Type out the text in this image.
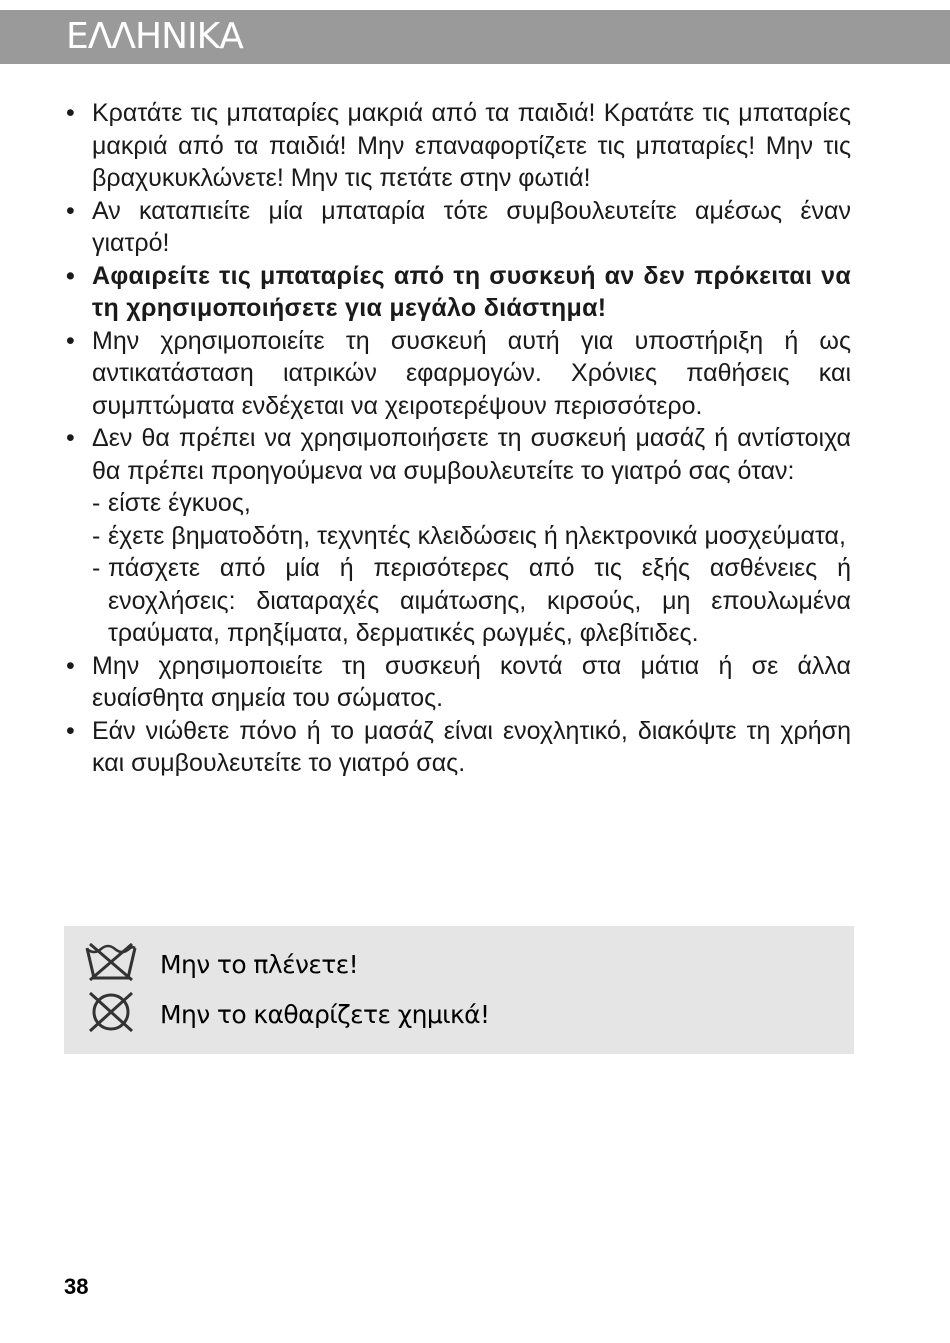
ΕΛΛΗΝΙΚΑ
• Κρατάτε τις μπαταρίες μακριά από τα παιδιά! Κρατάτε τις μπαταρίες μακριά από τα παιδιά! Μην επαναφορτίζετε τις μπαταρίες! Μην τις βραχυκυκλώνετε! Μην τις πετάτε στην φωτιά!
• Αν καταπιείτε μία μπαταρία τότε συμβουλευτείτε αμέσως έναν γιατρό!
• Αφαιρείτε τις μπαταρίες από τη συσκευή αν δεν πρόκειται να τη χρησιμοποιήσετε για μεγάλο διάστημα!
• Μην χρησιμοποιείτε τη συσκευή αυτή για υποστήριξη ή ως αντικατάσταση ιατρικών εφαρμογών. Χρόνιες παθήσεις και συμπτώματα ενδέχεται να χειροτερέψουν περισσότερο.
• Δεν θα πρέπει να χρησιμοποιήσετε τη συσκευή μασάζ ή αντίστοιχα θα πρέπει προηγούμενα να συμβουλευτείτε το γιατρό σας όταν:
- είστε έγκυος,
- έχετε βηματοδότη, τεχνητές κλειδώσεις ή ηλεκτρονικά μοσχεύματα,
- πάσχετε από μία ή περισότερες από τις εξής ασθένειες ή ενοχλήσεις: διαταραχές αιμάτωσης, κιρσούς, μη επουλωμένα τραύματα, πρηξίματα, δερματικές ρωγμές, φλεβίτιδες.
• Μην χρησιμοποιείτε τη συσκευή κοντά στα μάτια ή σε άλλα ευαίσθητα σημεία του σώματος.
• Εάν νιώθετε πόνο ή το μασάζ είναι ενοχλητικό, διακόψτε τη χρήση και συμβουλευτείτε το γιατρό σας.
Μην το πλένετε!
Μην το καθαρίζετε χημικά!
38
